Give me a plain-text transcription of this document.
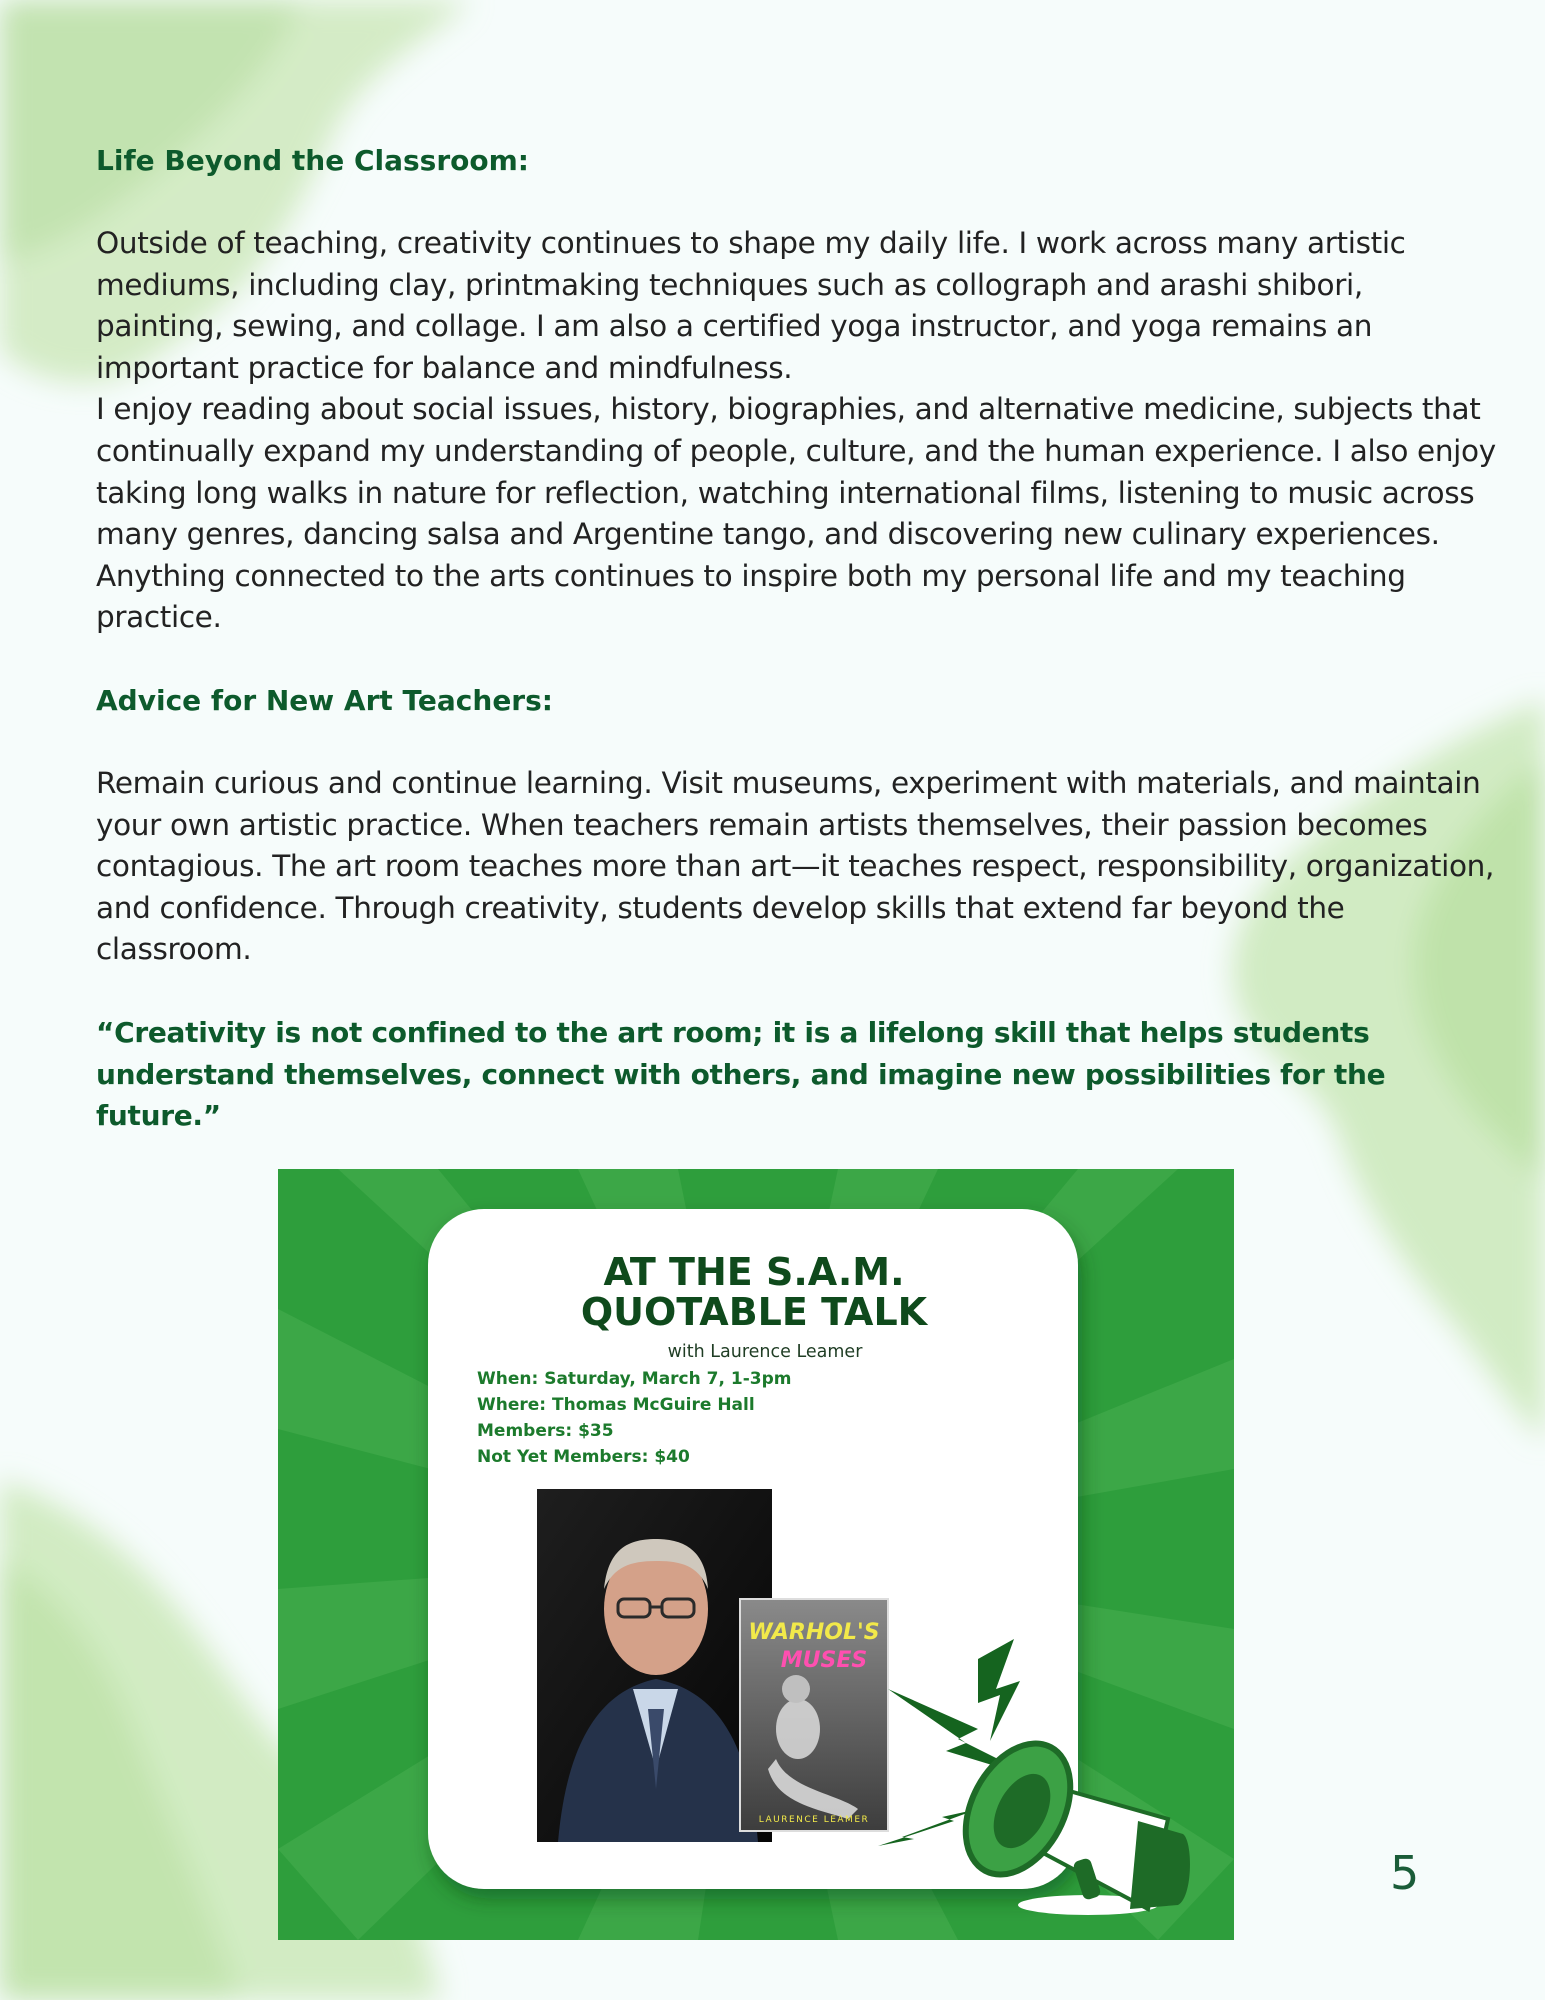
Life Beyond the Classroom:

Outside of teaching, creativity continues to shape my daily life. I work across many artistic mediums, including clay, printmaking techniques such as collograph and arashi shibori, painting, sewing, and collage. I am also a certified yoga instructor, and yoga remains an important practice for balance and mindfulness.

I enjoy reading about social issues, history, biographies, and alternative medicine, subjects that continually expand my understanding of people, culture, and the human experience. I also enjoy taking long walks in nature for reflection, watching international films, listening to music across many genres, dancing salsa and Argentine tango, and discovering new culinary experiences. Anything connected to the arts continues to inspire both my personal life and my teaching practice.

Advice for New Art Teachers:

Remain curious and continue learning. Visit museums, experiment with materials, and maintain your own artistic practice. When teachers remain artists themselves, their passion becomes contagious. The art room teaches more than art—it teaches respect, responsibility, organization, and confidence. Through creativity, students develop skills that extend far beyond the classroom.

“Creativity is not confined to the art room; it is a lifelong skill that helps students understand themselves, connect with others, and imagine new possibilities for the future.”

AT THE S.A.M.
QUOTABLE TALK
with Laurence Leamer
When: Saturday, March 7, 1-3pm
Where: Thomas McGuire Hall
Members: $35
Not Yet Members: $40
WARHOL'S
MUSES
LAURENCE LEAMER
5
